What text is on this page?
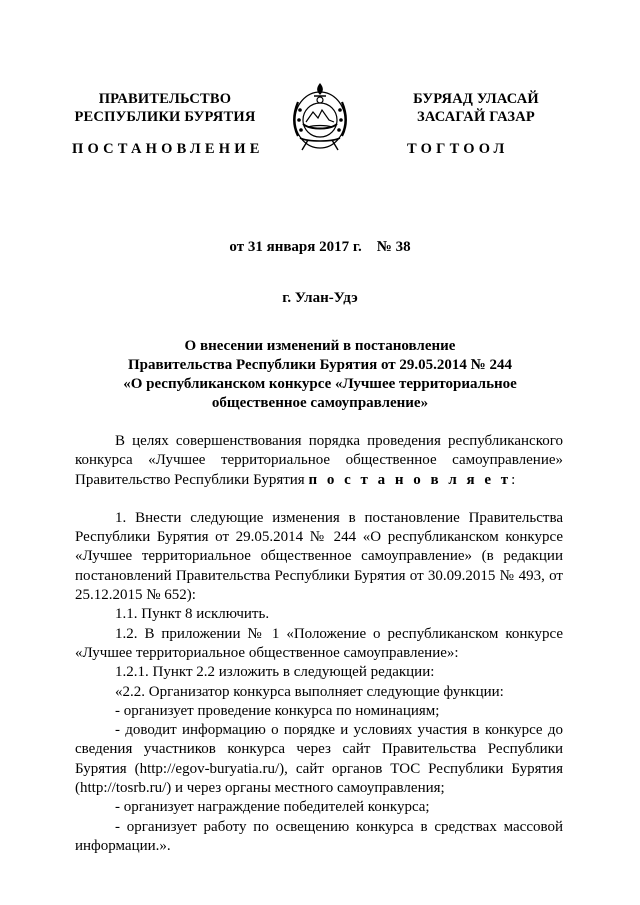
ПРАВИТЕЛЬСТВО
РЕСПУБЛИКИ БУРЯТИЯ
ПОСТАНОВЛЕНИЕ
БУРЯАД УЛАСАЙ
ЗАСАГАЙ ГАЗАР
ТОГТООЛ
от 31 января 2017 г.    № 38
г. Улан-Удэ
О внесении изменений в постановление
Правительства Республики Бурятия от 29.05.2014 № 244
«О республиканском конкурсе «Лучшее территориальное
общественное самоуправление»

В целях совершенствования порядка проведения республиканского конкурса «Лучшее территориальное общественное самоуправление» Правительство Республики Бурятия п о с т а н о в л я е т:

1. Внести следующие изменения в постановление Правительства Республики Бурятия от 29.05.2014 № 244 «О республиканском конкурсе «Лучшее территориальное общественное самоуправление» (в редакции постановлений Правительства Республики Бурятия от 30.09.2015 № 493, от 25.12.2015 № 652):

1.1. Пункт 8 исключить.

1.2. В приложении № 1 «Положение о республиканском конкурсе «Лучшее территориальное общественное самоуправление»:

1.2.1. Пункт 2.2 изложить в следующей редакции:

«2.2. Организатор конкурса выполняет следующие функции:

- организует проведение конкурса по номинациям;

- доводит информацию о порядке и условиях участия в конкурсе до сведения участников конкурса через сайт Правительства Республики Бурятия (http://egov-buryatia.ru/), сайт органов ТОС Республики Бурятия (http://tosrb.ru/) и через органы местного самоуправления;

- организует награждение победителей конкурса;

- организует работу по освещению конкурса в средствах массовой информации.».
